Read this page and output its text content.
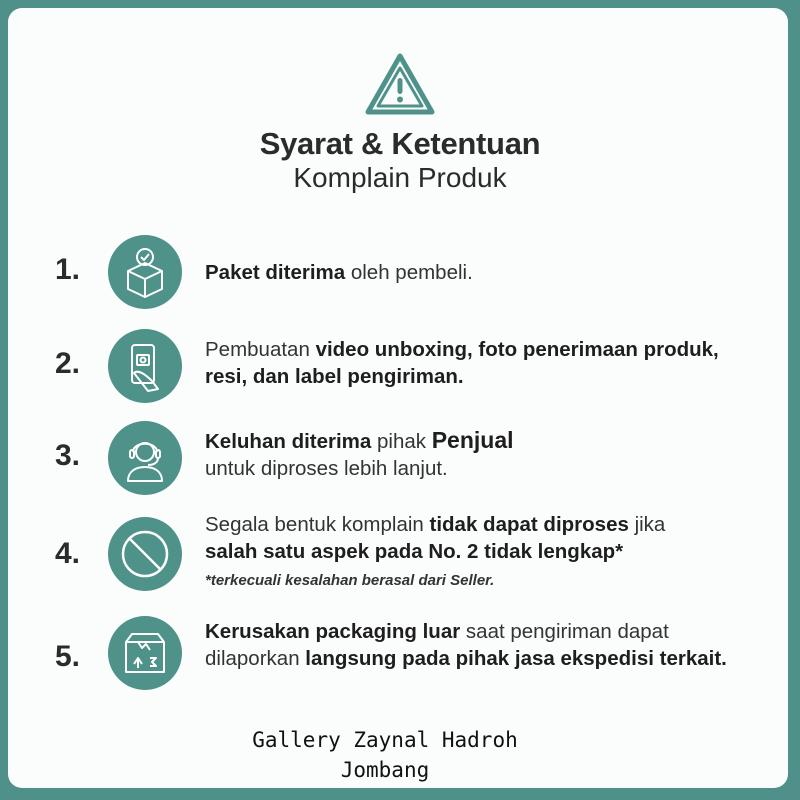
Syarat & Ketentuan
Komplain Produk
1.	Paket diterima oleh pembeli.
2.	Pembuatan video unboxing, foto penerimaan produk, resi, dan label pengiriman.
3.	Keluhan diterima pihak Penjual
untuk diproses lebih lanjut.
4.
Segala bentuk komplain tidak dapat diproses jika
salah satu aspek pada No. 2 tidak lengkap*
*terkecuali kesalahan berasal dari Seller.
5.
Kerusakan packaging luar saat pengiriman dapat dilaporkan langsung pada pihak jasa ekspedisi terkait.
Gallery Zaynal Hadroh
Jombang
